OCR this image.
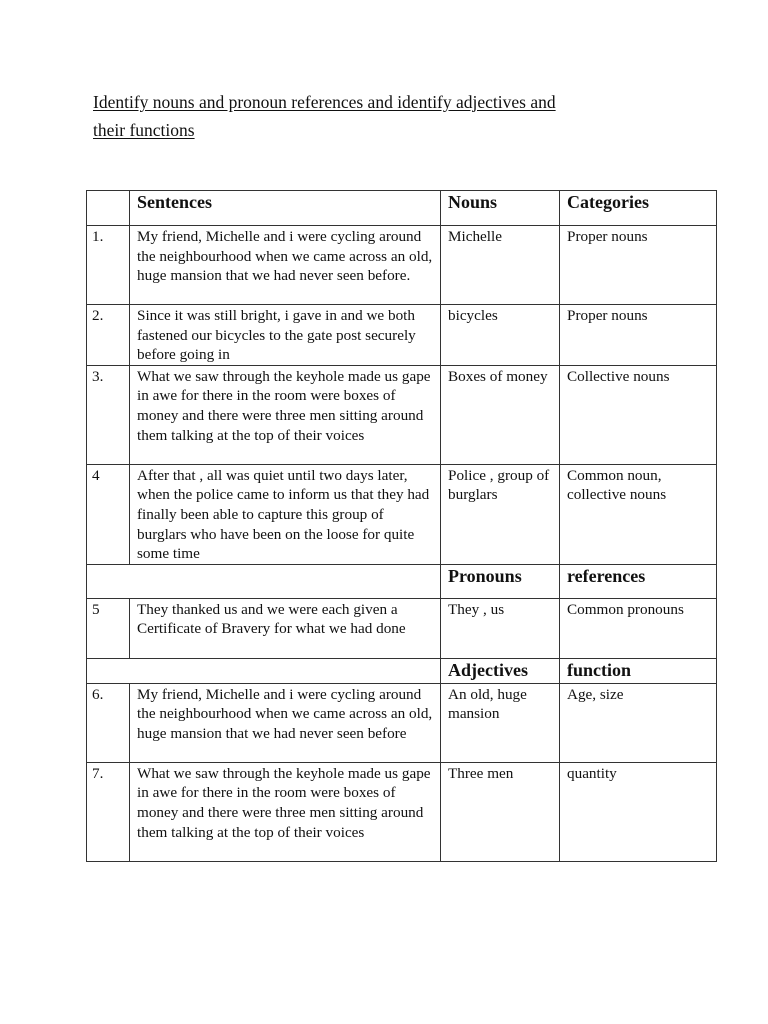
Identify nouns and pronoun references and identify adjectives and
their functions
	Sentences	Nouns	Categories
1.	My friend, Michelle and i were cycling around the neighbourhood when we came across an old, huge mansion that we had never seen before.	Michelle	Proper nouns
2.	Since it was still bright, i gave in and we both fastened our bicycles to the gate post securely before going in	bicycles	Proper nouns
3.	What we saw through the keyhole made us gape in awe for there in the room were boxes of money and there were three men sitting around them talking at the top of their voices	Boxes of money	Collective nouns
4	After that , all was quiet until two days later, when the police came to inform us that they had finally been able to capture this group of burglars who have been on the loose for quite some time	Police , group of burglars	Common noun, collective nouns
		Pronouns	references
5	They thanked us and we were each given a Certificate of Bravery for what we had done	They , us	Common pronouns
		Adjectives	function
6.	My friend, Michelle and i were cycling around the neighbourhood when we came across an old, huge mansion that we had never seen before	An old, huge mansion	Age, size
7.	What we saw through the keyhole made us gape in awe for there in the room were boxes of money and there were three men sitting around them talking at the top of their voices	Three men	quantity
